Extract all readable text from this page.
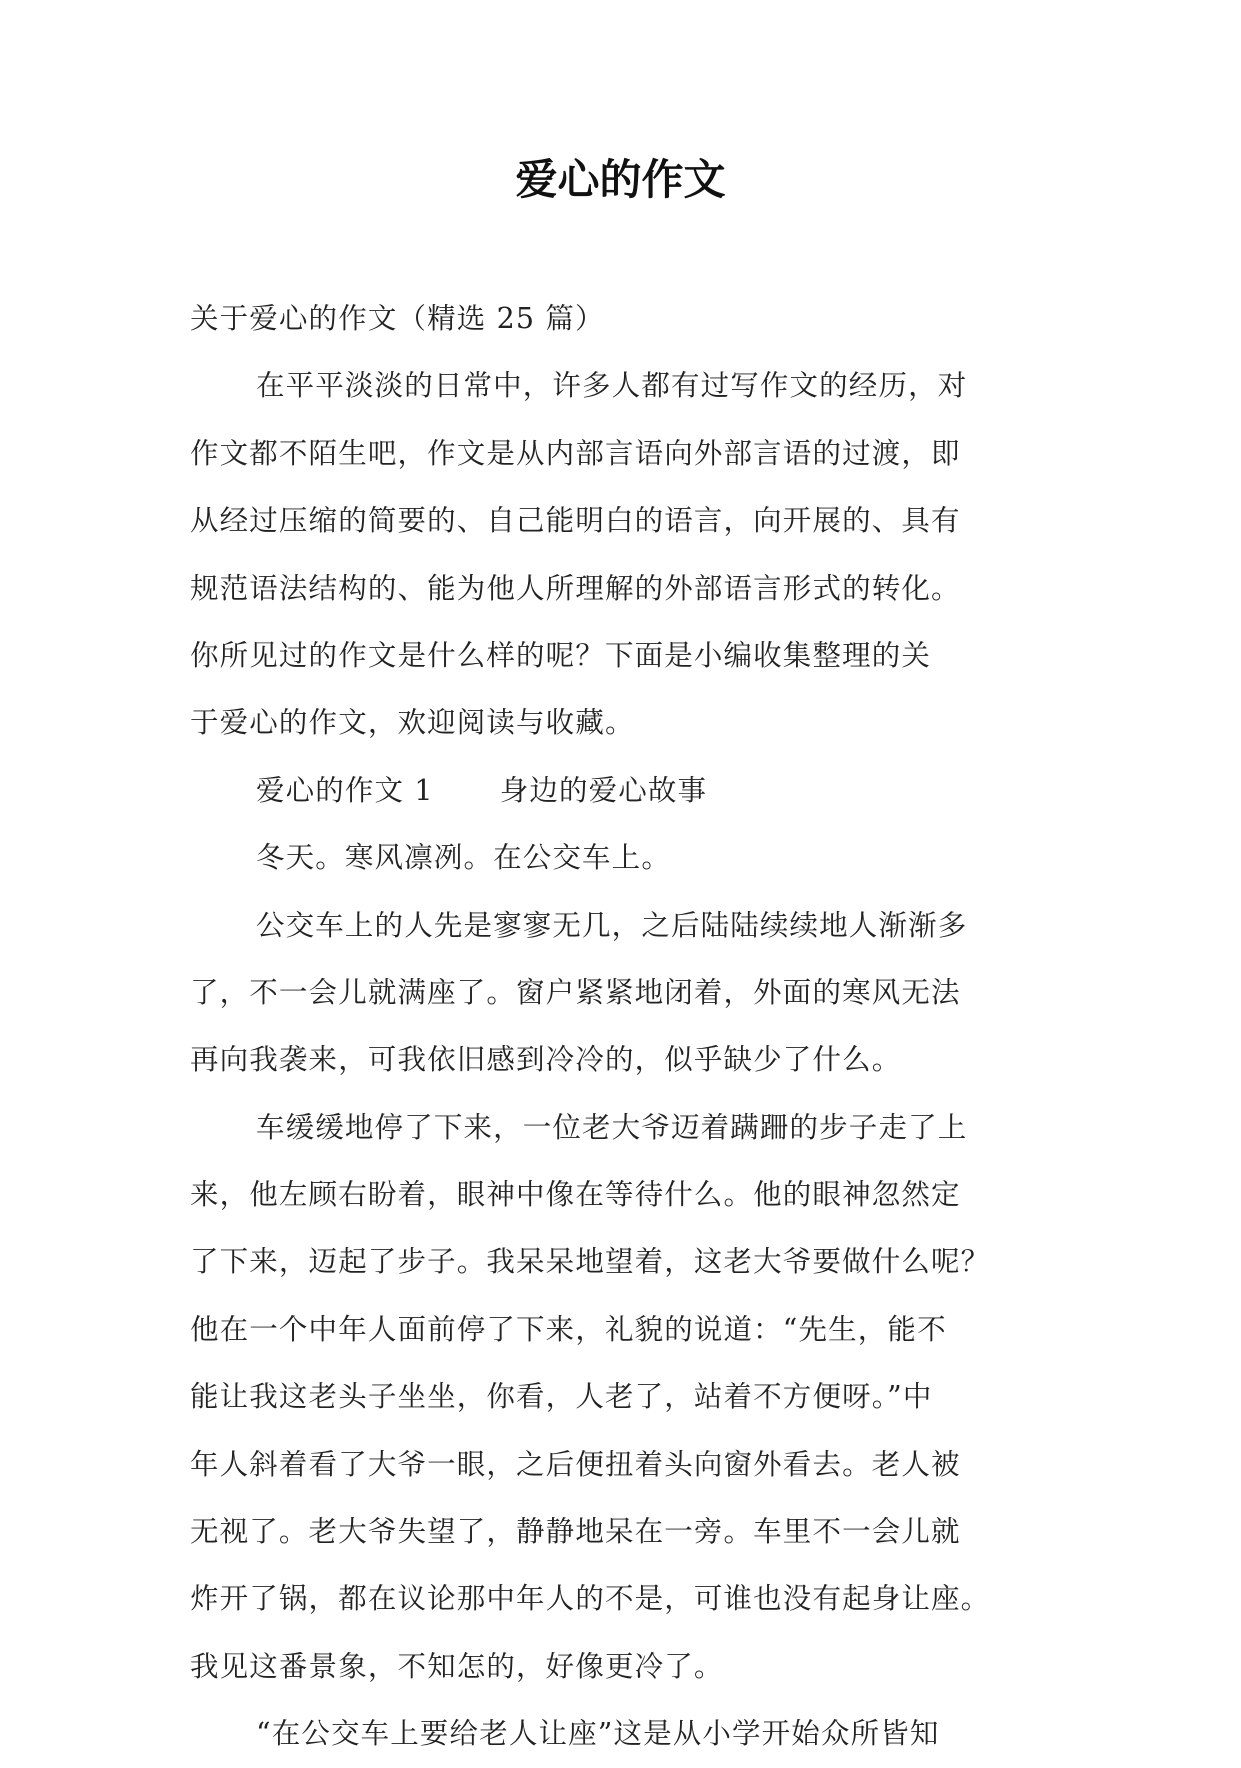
爱心的作文
关于爱心的作文（精选 25 篇）
在平平淡淡的日常中，许多人都有过写作文的经历，对
作文都不陌生吧，作文是从内部言语向外部言语的过渡，即
从经过压缩的简要的、自己能明白的语言，向开展的、具有
规范语法结构的、能为他人所理解的外部语言形式的转化。
你所见过的作文是什么样的呢？下面是小编收集整理的关
于爱心的作文，欢迎阅读与收藏。
爱心的作文 1 身边的爱心故事
冬天。寒风凛冽。在公交车上。
公交车上的人先是寥寥无几，之后陆陆续续地人渐渐多
了，不一会儿就满座了。窗户紧紧地闭着，外面的寒风无法
再向我袭来，可我依旧感到冷冷的，似乎缺少了什么。
车缓缓地停了下来，一位老大爷迈着蹒跚的步子走了上
来，他左顾右盼着，眼神中像在等待什么。他的眼神忽然定
了下来，迈起了步子。我呆呆地望着，这老大爷要做什么呢？
他在一个中年人面前停了下来，礼貌的说道：“先生，能不
能让我这老头子坐坐，你看，人老了，站着不方便呀。”中
年人斜着看了大爷一眼，之后便扭着头向窗外看去。老人被
无视了。老大爷失望了，静静地呆在一旁。车里不一会儿就
炸开了锅，都在议论那中年人的不是，可谁也没有起身让座。
我见这番景象，不知怎的，好像更冷了。
“在公交车上要给老人让座”这是从小学开始众所皆知
